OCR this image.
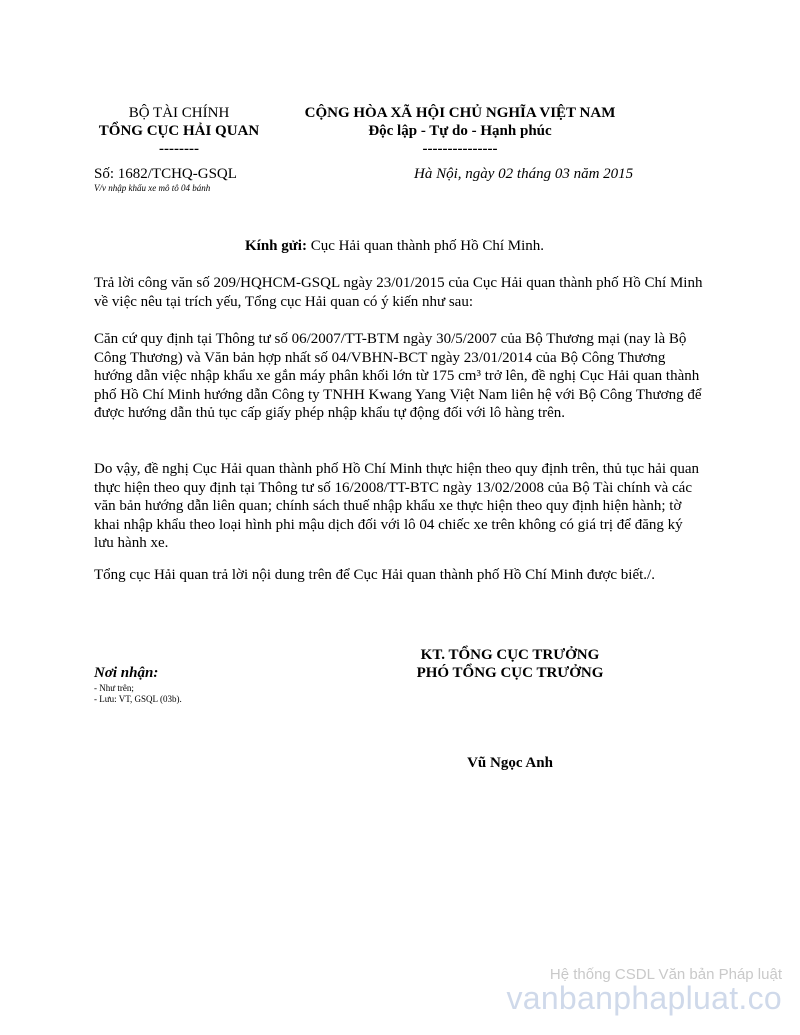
BỘ TÀI CHÍNH
TỔNG CỤC HẢI QUAN
--------
CỘNG HÒA XÃ HỘI CHỦ NGHĨA VIỆT NAM
Độc lập - Tự do - Hạnh phúc
---------------
Số: 1682/TCHQ-GSQL
V/v nhập khẩu xe mô tô 04 bánh
Hà Nội, ngày 02 tháng 03 năm 2015
Kính gửi: Cục Hải quan thành phố Hồ Chí Minh.

Trả lời công văn số 209/HQHCM-GSQL ngày 23/01/2015 của Cục Hải quan thành phố Hồ Chí Minh về việc nêu tại trích yếu, Tổng cục Hải quan có ý kiến như sau:

Căn cứ quy định tại Thông tư số 06/2007/TT-BTM ngày 30/5/2007 của Bộ Thương mại (nay là Bộ Công Thương) và Văn bản hợp nhất số 04/VBHN-BCT ngày 23/01/2014 của Bộ Công Thương hướng dẫn việc nhập khẩu xe gắn máy phân khối lớn từ 175 cm³ trở lên, đề nghị Cục Hải quan thành phố Hồ Chí Minh hướng dẫn Công ty TNHH Kwang Yang Việt Nam liên hệ với Bộ Công Thương để được hướng dẫn thủ tục cấp giấy phép nhập khẩu tự động đối với lô hàng trên.

Do vậy, đề nghị Cục Hải quan thành phố Hồ Chí Minh thực hiện theo quy định trên, thủ tục hải quan thực hiện theo quy định tại Thông tư số 16/2008/TT-BTC ngày 13/02/2008 của Bộ Tài chính và các văn bản hướng dẫn liên quan; chính sách thuế nhập khẩu xe thực hiện theo quy định hiện hành; tờ khai nhập khẩu theo loại hình phi mậu dịch đối với lô 04 chiếc xe trên không có giá trị để đăng ký lưu hành xe.

Tổng cục Hải quan trả lời nội dung trên để Cục Hải quan thành phố Hồ Chí Minh được biết./.

KT. TỔNG CỤC TRƯỞNG
PHÓ TỔNG CỤC TRƯỞNG
Vũ Ngọc Anh
Nơi nhận:
- Như trên;
- Lưu: VT, GSQL (03b).
Hệ thống CSDL Văn bản Pháp luật
vanbanphapluat.co
